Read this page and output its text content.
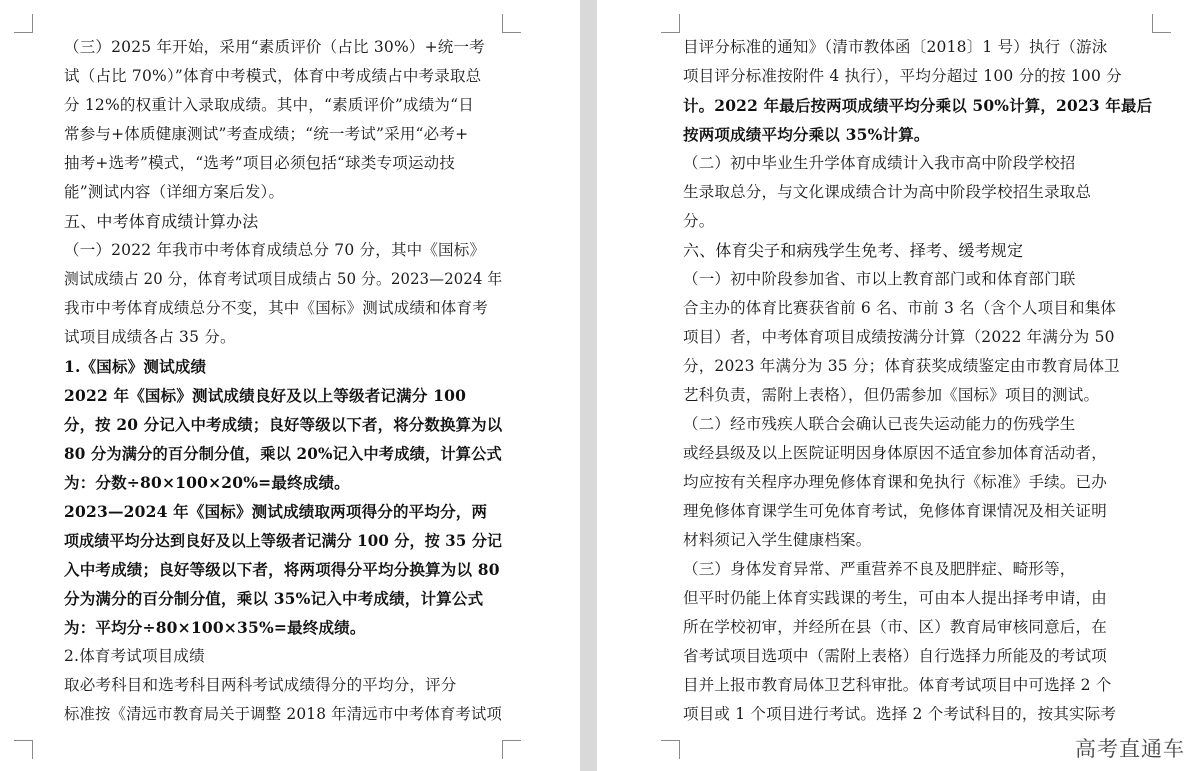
（三）2025 年开始，采用“素质评价（占比 30%）+统一考

试（占比 70%）”体育中考模式，体育中考成绩占中考录取总

分 12%的权重计入录取成绩。其中，“素质评价”成绩为“日

常参与+体质健康测试”考查成绩；“统一考试”采用“必考+

抽考+选考”模式，“选考”项目必须包括“球类专项运动技

能”测试内容（详细方案后发）。

五、中考体育成绩计算办法

（一）2022 年我市中考体育成绩总分 70 分，其中《国标》

测试成绩占 20 分，体育考试项目成绩占 50 分。2023—2024 年

我市中考体育成绩总分不变，其中《国标》测试成绩和体育考

试项目成绩各占 35 分。

1.《国标》测试成绩

2022 年《国标》测试成绩良好及以上等级者记满分 100

分，按 20 分记入中考成绩；良好等级以下者，将分数换算为以

80 分为满分的百分制分值，乘以 20%记入中考成绩，计算公式

为：分数÷80×100×20%=最终成绩。

2023—2024 年《国标》测试成绩取两项得分的平均分，两

项成绩平均分达到良好及以上等级者记满分 100 分，按 35 分记

入中考成绩；良好等级以下者，将两项得分平均分换算为以 80

分为满分的百分制分值，乘以 35%记入中考成绩，计算公式

为：平均分÷80×100×35%=最终成绩。

2.体育考试项目成绩

取必考科目和选考科目两科考试成绩得分的平均分，评分

标准按《清远市教育局关于调整 2018 年清远市中考体育考试项

目评分标准的通知》（清市教体函〔2018〕1 号）执行（游泳

项目评分标准按附件 4 执行），平均分超过 100 分的按 100 分

计。2022 年最后按两项成绩平均分乘以 50%计算，2023 年最后

按两项成绩平均分乘以 35%计算。

（二）初中毕业生升学体育成绩计入我市高中阶段学校招

生录取总分，与文化课成绩合计为高中阶段学校招生录取总

分。

六、体育尖子和病残学生免考、择考、缓考规定

（一）初中阶段参加省、市以上教育部门或和体育部门联

合主办的体育比赛获省前 6 名、市前 3 名（含个人项目和集体

项目）者，中考体育项目成绩按满分计算（2022 年满分为 50

分，2023 年满分为 35 分；体育获奖成绩鉴定由市教育局体卫

艺科负责，需附上表格），但仍需参加《国标》项目的测试。

（二）经市残疾人联合会确认已丧失运动能力的伤残学生

或经县级及以上医院证明因身体原因不适宜参加体育活动者，

均应按有关程序办理免修体育课和免执行《标准》手续。已办

理免修体育课学生可免体育考试，免修体育课情况及相关证明

材料须记入学生健康档案。

（三）身体发育异常、严重营养不良及肥胖症、畸形等，

但平时仍能上体育实践课的考生，可由本人提出择考申请，由

所在学校初审，并经所在县（市、区）教育局审核同意后，在

省考试项目选项中（需附上表格）自行选择力所能及的考试项

目并上报市教育局体卫艺科审批。体育考试项目中可选择 2 个

项目或 1 个项目进行考试。选择 2 个考试科目的，按其实际考

高考直通车
